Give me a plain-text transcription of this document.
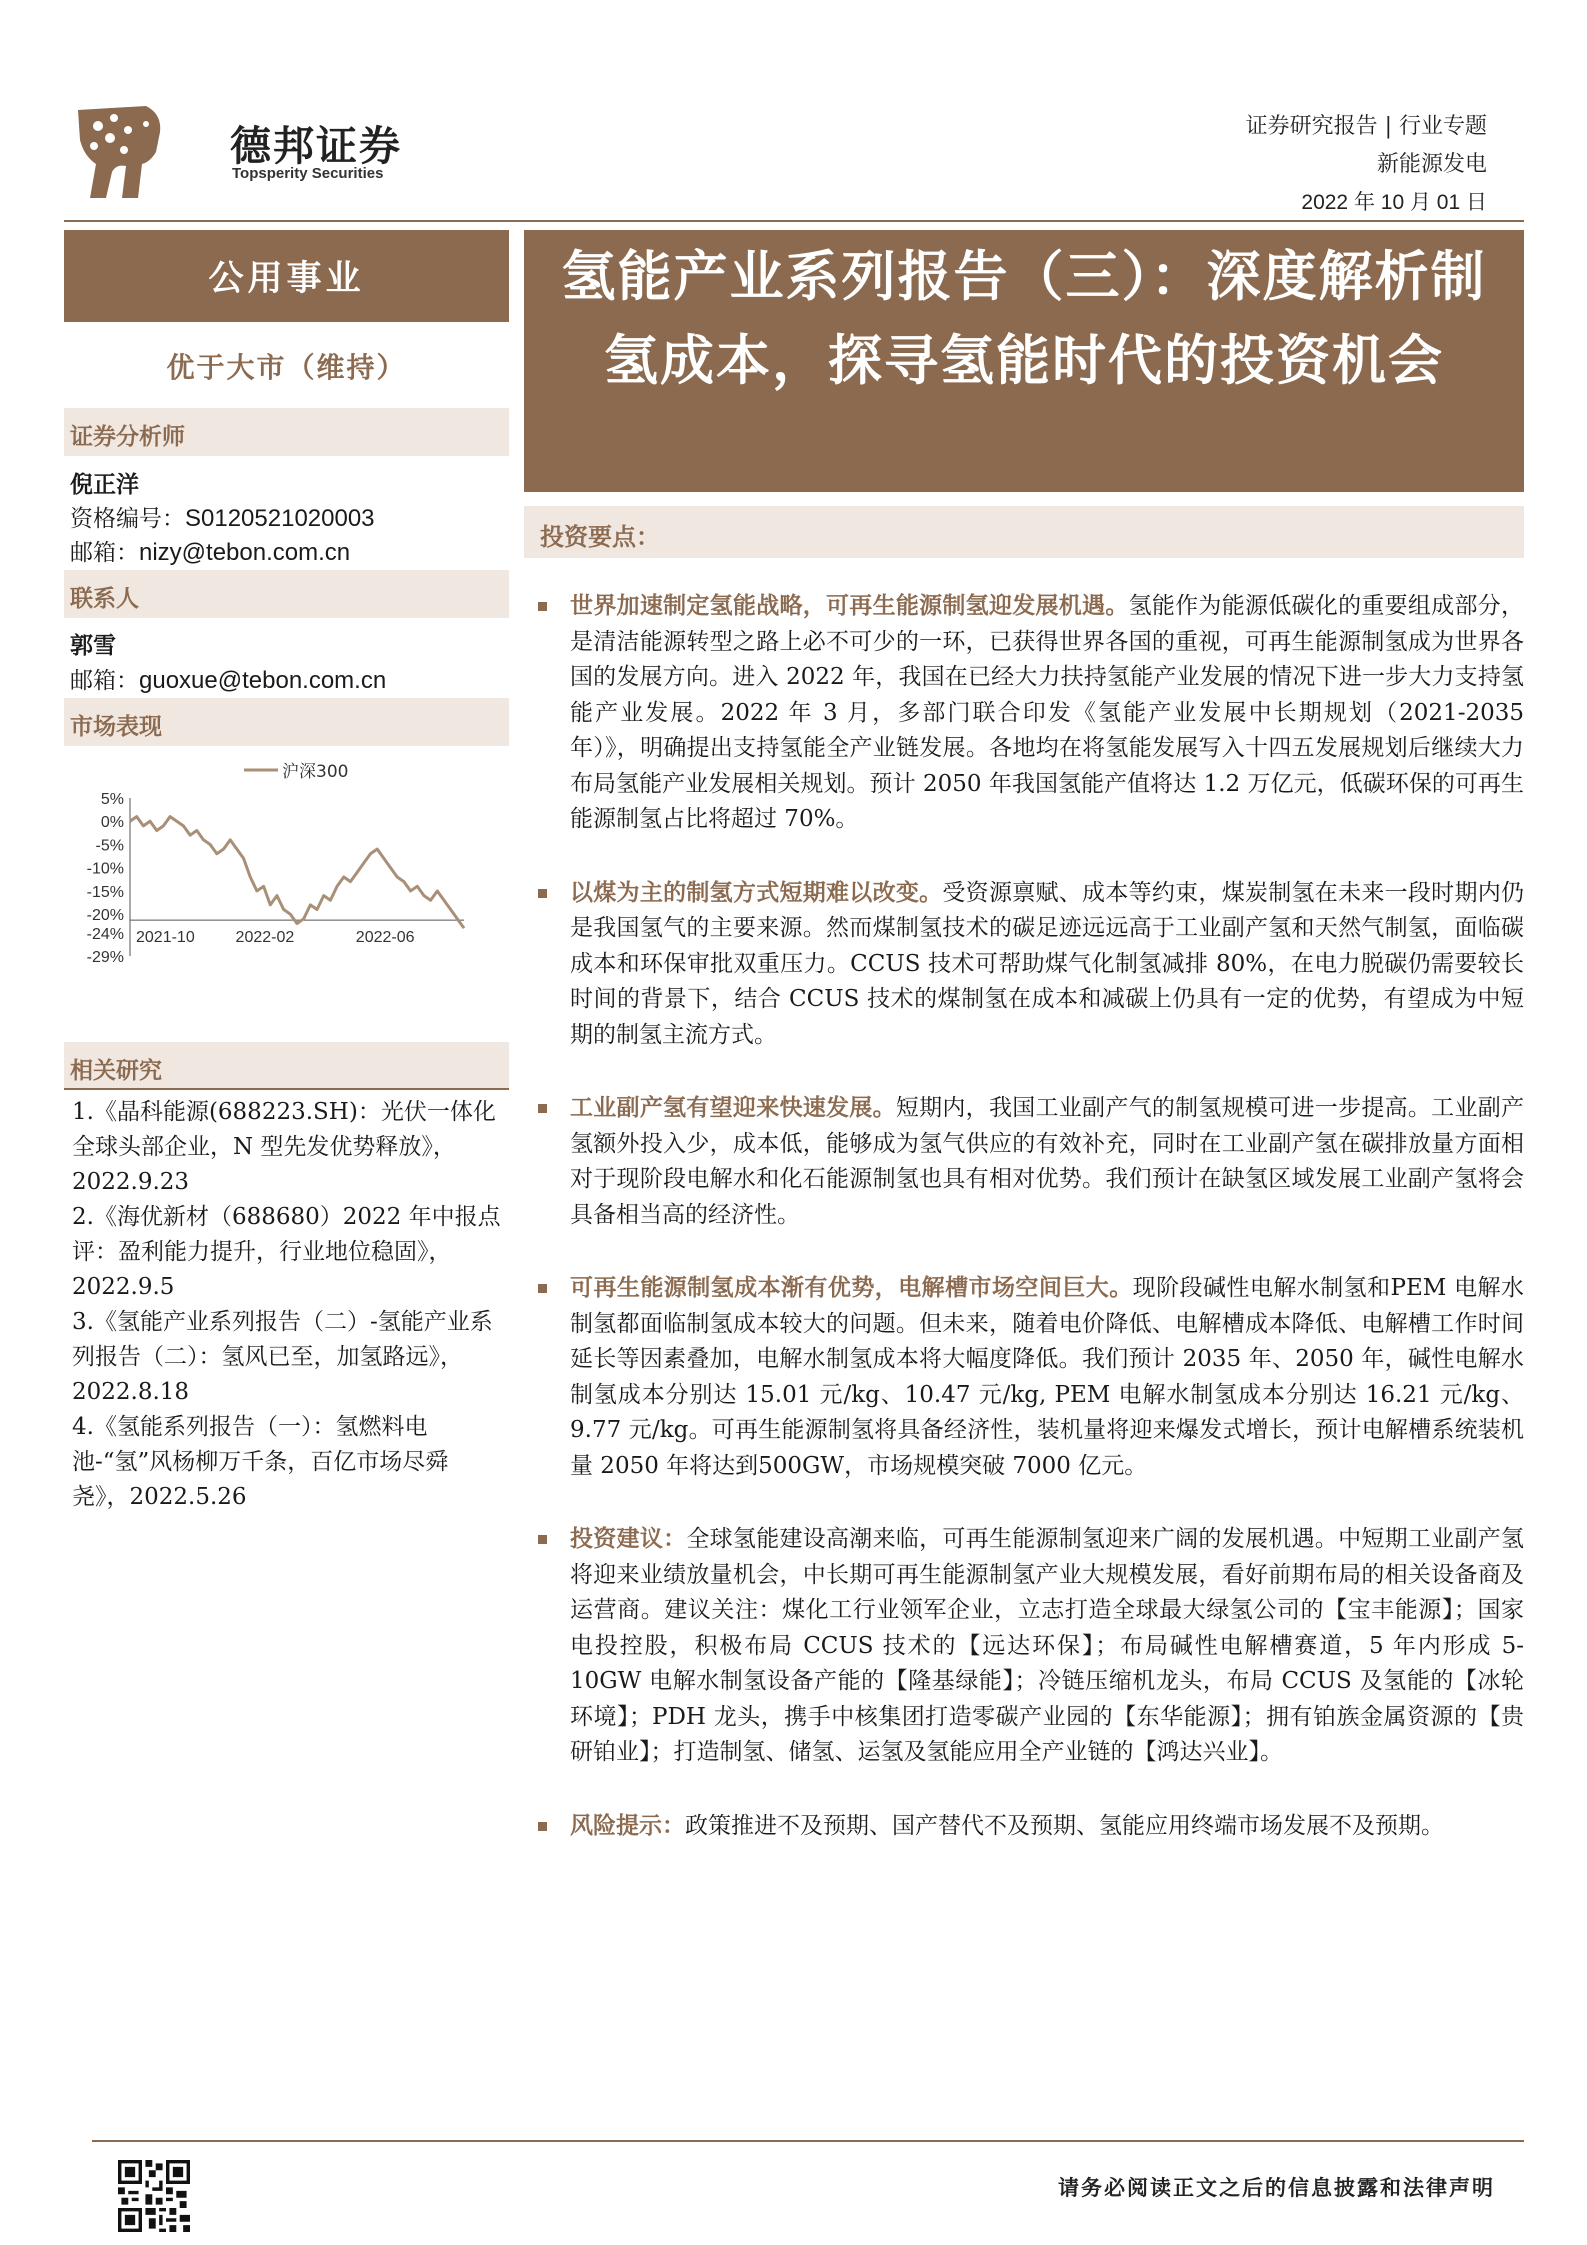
德邦证券
Topsperity Securities
证券研究报告 | 行业专题
新能源发电
2022 年 10 月 01 日
公用事业
优于大市（维持）
证券分析师
倪正洋
资格编号：S0120521020003
邮箱：nizy@tebon.com.cn
联系人
郭雪
邮箱：guoxue@tebon.com.cn
市场表现
沪深300
5%
0%
-5%
-10%
-15%
-20%
-24%
-29%
2021-10	2022-02	2022-06
相关研究
1.《晶科能源(688223.SH)：光伏一体化全球头部企业，N 型先发优势释放》，2022.9.23
2.《海优新材（688680）2022 年中报点评：盈利能力提升，行业地位稳固》，2022.9.5
3.《氢能产业系列报告（二）-氢能产业系列报告（二）：氢风已至，加氢路远》，2022.8.18
4.《氢能系列报告（一）：氢燃料电池-“氢”风杨柳万千条，百亿市场尽舜尧》，2022.5.26
氢能产业系列报告（三）：深度解析制氢成本，探寻氢能时代的投资机会
投资要点：
世界加速制定氢能战略，可再生能源制氢迎发展机遇。氢能作为能源低碳化的重要组成部分，是清洁能源转型之路上必不可少的一环，已获得世界各国的重视，可再生能源制氢成为世界各国的发展方向。进入 2022 年，我国在已经大力扶持氢能产业发展的情况下进一步大力支持氢能产业发展。2022 年 3 月，多部门联合印发《氢能产业发展中长期规划（2021-2035 年）》，明确提出支持氢能全产业链发展。各地均在将氢能发展写入十四五发展规划后继续大力布局氢能产业发展相关规划。预计 2050 年我国氢能产值将达 1.2 万亿元，低碳环保的可再生能源制氢占比将超过 70%。
以煤为主的制氢方式短期难以改变。受资源禀赋、成本等约束，煤炭制氢在未来一段时期内仍是我国氢气的主要来源。然而煤制氢技术的碳足迹远远高于工业副产氢和天然气制氢，面临碳成本和环保审批双重压力。CCUS 技术可帮助煤气化制氢减排 80%，在电力脱碳仍需要较长时间的背景下，结合 CCUS 技术的煤制氢在成本和减碳上仍具有一定的优势，有望成为中短期的制氢主流方式。
工业副产氢有望迎来快速发展。短期内，我国工业副产气的制氢规模可进一步提高。工业副产氢额外投入少，成本低，能够成为氢气供应的有效补充，同时在工业副产氢在碳排放量方面相对于现阶段电解水和化石能源制氢也具有相对优势。我们预计在缺氢区域发展工业副产氢将会具备相当高的经济性。
可再生能源制氢成本渐有优势，电解槽市场空间巨大。现阶段碱性电解水制氢和PEM 电解水制氢都面临制氢成本较大的问题。但未来，随着电价降低、电解槽成本降低、电解槽工作时间延长等因素叠加，电解水制氢成本将大幅度降低。我们预计 2035 年、2050 年，碱性电解水制氢成本分别达 15.01 元/kg、10.47 元/kg, PEM 电解水制氢成本分别达 16.21 元/kg、9.77 元/kg。可再生能源制氢将具备经济性，装机量将迎来爆发式增长，预计电解槽系统装机量 2050 年将达到500GW，市场规模突破 7000 亿元。
投资建议：全球氢能建设高潮来临，可再生能源制氢迎来广阔的发展机遇。中短期工业副产氢将迎来业绩放量机会，中长期可再生能源制氢产业大规模发展，看好前期布局的相关设备商及运营商。建议关注：煤化工行业领军企业，立志打造全球最大绿氢公司的【宝丰能源】；国家电投控股，积极布局 CCUS 技术的【远达环保】；布局碱性电解槽赛道，5 年内形成 5-10GW 电解水制氢设备产能的【隆基绿能】；冷链压缩机龙头，布局 CCUS 及氢能的【冰轮环境】；PDH 龙头，携手中核集团打造零碳产业园的【东华能源】；拥有铂族金属资源的【贵研铂业】；打造制氢、储氢、运氢及氢能应用全产业链的【鸿达兴业】。
风险提示：政策推进不及预期、国产替代不及预期、氢能应用终端市场发展不及预期。
请务必阅读正文之后的信息披露和法律声明
